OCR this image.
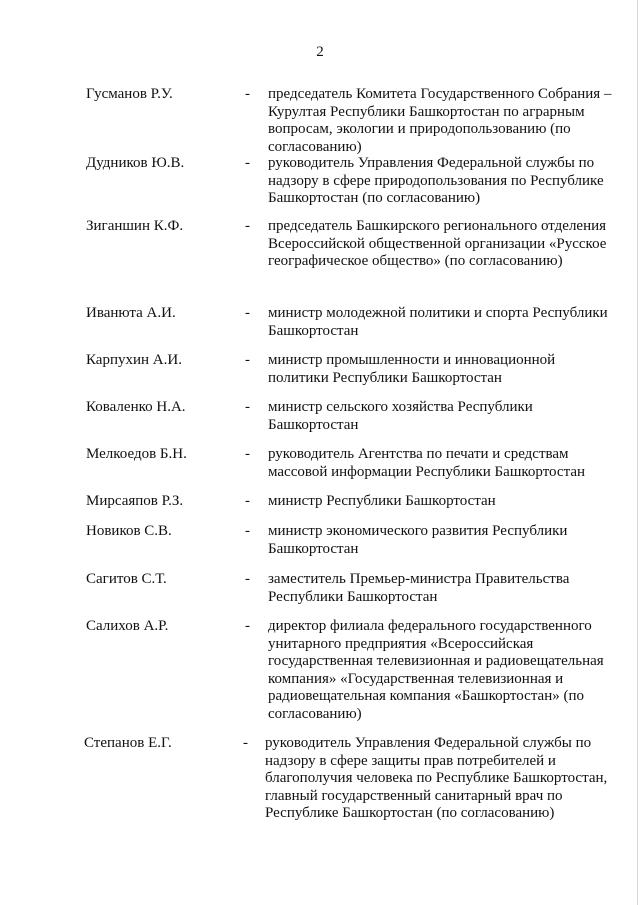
2
Гусманов Р.У.	- председатель Комитета Государственного Собрания – Курултая Республики Башкортостан по аграрным вопросам, экологии и природопользованию (по согласованию)
Дудников Ю.В.	- руководитель Управления Федеральной службы по надзору в сфере природопользования по Республике Башкортостан (по согласованию)
Зиганшин К.Ф.	- председатель Башкирского регионального отделения Всероссийской общественной организации «Русское географическое общество» (по согласованию)
Иванюта А.И.	- министр молодежной политики и спорта Республики Башкортостан
Карпухин А.И.	- министр промышленности и инновационной политики Республики Башкортостан
Коваленко Н.А.	- министр сельского хозяйства Республики Башкортостан
Мелкоедов Б.Н.	- руководитель Агентства по печати и средствам массовой информации Республики Башкортостан
Мирсаяпов Р.З.	- министр Республики Башкортостан
Новиков С.В.	- министр экономического развития Республики Башкортостан
Сагитов С.Т.	- заместитель Премьер-министра Правительства Республики Башкортостан
Салихов А.Р.	- директор филиала федерального государственного унитарного предприятия «Всероссийская государственная телевизионная и радиовещательная компания» «Государственная телевизионная и радиовещательная компания «Башкортостан» (по согласованию)
Степанов Е.Г.	- руководитель Управления Федеральной службы по надзору в сфере защиты прав потребителей и благополучия человека по Республике Башкортостан, главный государственный санитарный врач по Республике Башкортостан (по согласованию)
